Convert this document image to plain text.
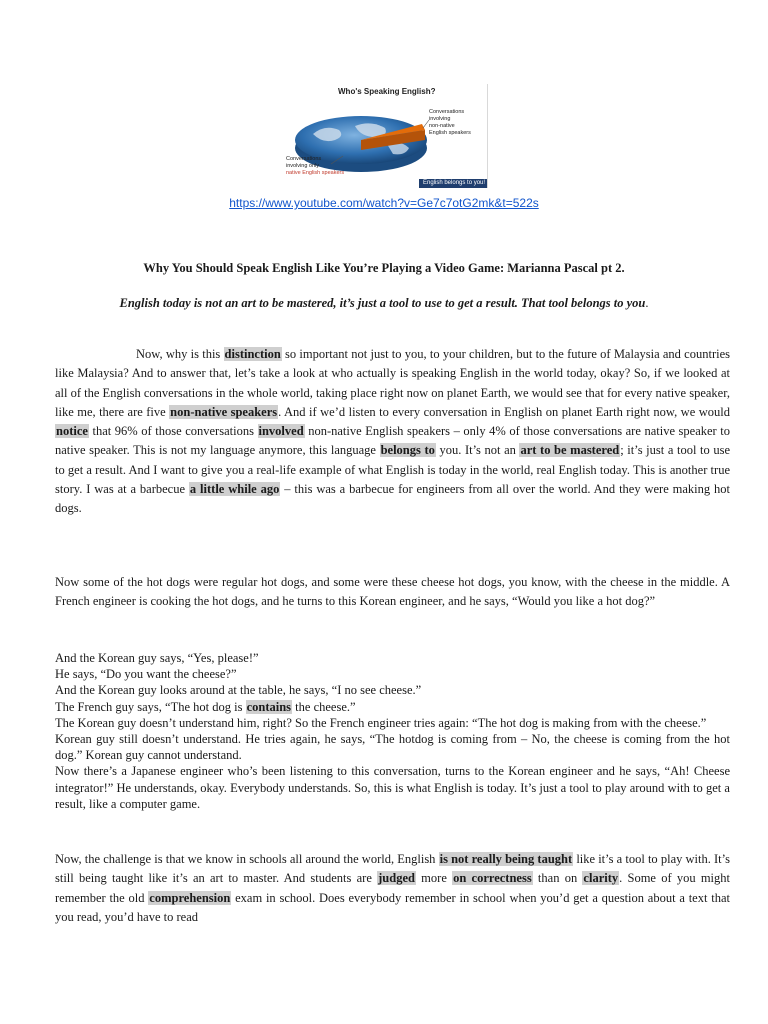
Who's Speaking English?
Conversations
involving
non-native
English speakers
Conversations
involving only
native English speakers
English belongs to you!
https://www.youtube.com/watch?v=Ge7c7otG2mk&t=522s
Why You Should Speak English Like You’re Playing a Video Game: Marianna Pascal pt 2.
English today is not an art to be mastered, it’s just a tool to use to get a result. That tool belongs to you.
Now, why is this distinction so important not just to you, to your children, but to the future of Malaysia and countries like Malaysia? And to answer that, let’s take a look at who actually is speaking English in the world today, okay? So, if we looked at all of the English conversations in the whole world, taking place right now on planet Earth, we would see that for every native speaker, like me, there are five non-native speakers. And if we’d listen to every conversation in English on planet Earth right now, we would notice that 96% of those conversations involved non-native English speakers – only 4% of those conversations are native speaker to native speaker. This is not my language anymore, this language belongs to you. It’s not an art to be mastered; it’s just a tool to use to get a result. And I want to give you a real-life example of what English is today in the world, real English today. This is another true story. I was at a barbecue a little while ago – this was a barbecue for engineers from all over the world. And they were making hot dogs.
Now some of the hot dogs were regular hot dogs, and some were these cheese hot dogs, you know, with the cheese in the middle. A French engineer is cooking the hot dogs, and he turns to this Korean engineer, and he says, “Would you like a hot dog?”
And the Korean guy says, “Yes, please!”
He says, “Do you want the cheese?”
And the Korean guy looks around at the table, he says, “I no see cheese.”
The French guy says, “The hot dog is contains the cheese.”
The Korean guy doesn’t understand him, right? So the French engineer tries again: “The hot dog is making from with the cheese.”
Korean guy still doesn’t understand. He tries again, he says, “The hotdog is coming from – No, the cheese is coming from the hot dog.” Korean guy cannot understand.
Now there’s a Japanese engineer who’s been listening to this conversation, turns to the Korean engineer and he says, “Ah! Cheese integrator!” He understands, okay. Everybody understands. So, this is what English is today. It’s just a tool to play around with to get a result, like a computer game.
Now, the challenge is that we know in schools all around the world, English is not really being taught like it’s a tool to play with. It’s still being taught like it’s an art to master. And students are judged more on correctness than on clarity. Some of you might remember the old comprehension exam in school. Does everybody remember in school when you’d get a question about a text that you read, you’d have to read
